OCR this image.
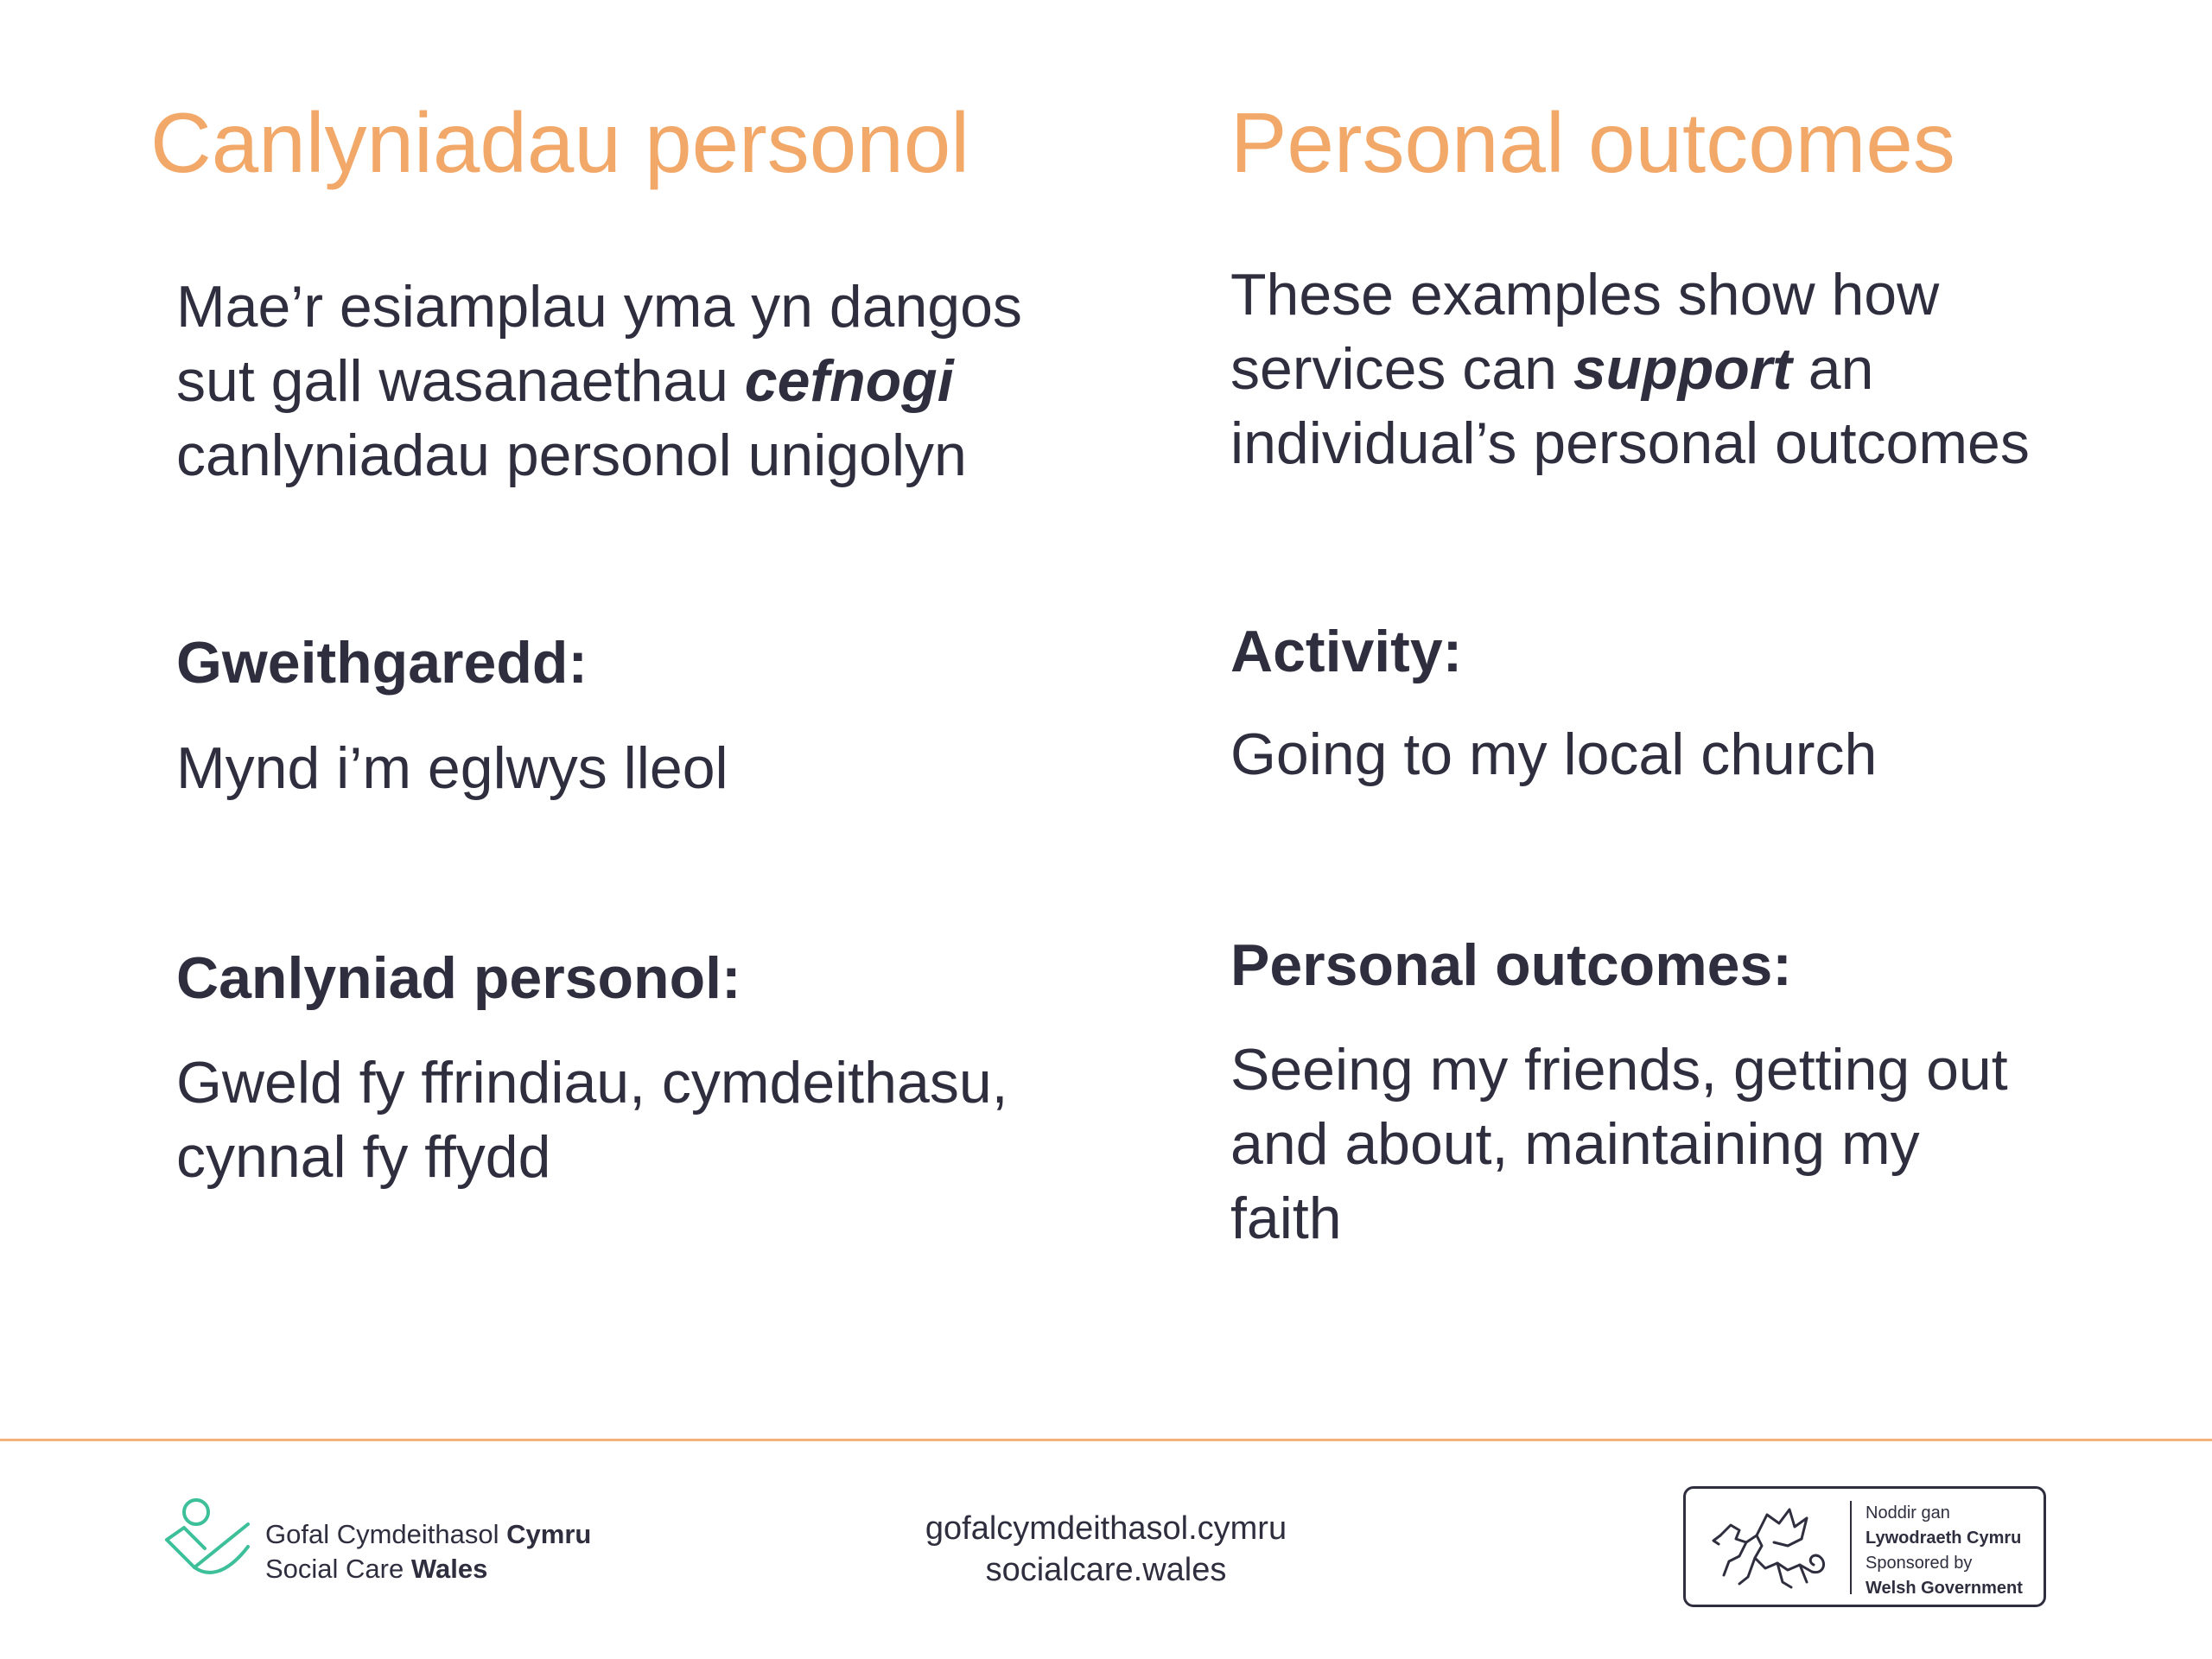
Canlyniadau personol
Mae’r esiamplau yma yn dangos
sut gall wasanaethau cefnogi
canlyniadau personol unigolyn
Gweithgaredd:
Mynd i’m eglwys lleol
Canlyniad personol:
Gweld fy ffrindiau, cymdeithasu,
cynnal fy ffydd
Personal outcomes
These examples show how
services can support an
individual’s personal outcomes
Activity:
Going to my local church
Personal outcomes:
Seeing my friends, getting out
and about, maintaining my
faith
Gofal Cymdeithasol Cymru
Social Care Wales
gofalcymdeithasol.cymru
socialcare.wales
Noddir gan
Lywodraeth Cymru
Sponsored by
Welsh Government
